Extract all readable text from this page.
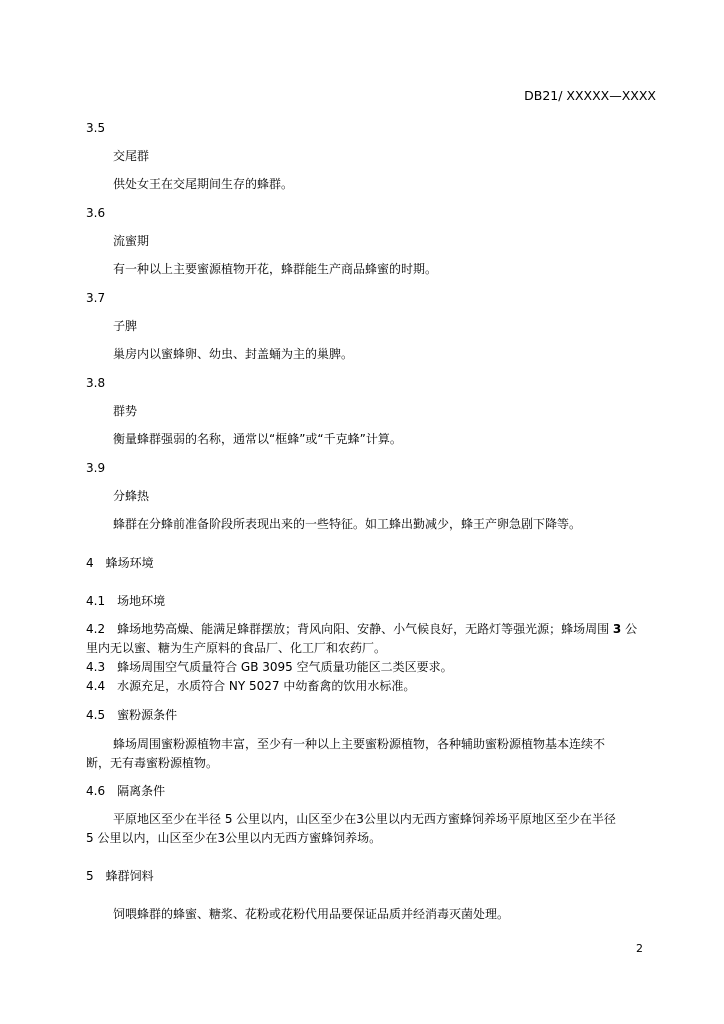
DB21/ XXXXX—XXXX
3.5
交尾群
供处女王在交尾期间生存的蜂群。
3.6
流蜜期
有一种以上主要蜜源植物开花，蜂群能生产商品蜂蜜的时期。
3.7
子脾
巢房内以蜜蜂卵、幼虫、封盖蛹为主的巢脾。
3.8
群势
衡量蜂群强弱的名称，通常以“框蜂”或“千克蜂”计算。
3.9
分蜂热
蜂群在分蜂前准备阶段所表现出来的一些特征。如工蜂出勤减少，蜂王产卵急剧下降等。
4　蜂场环境
4.1　场地环境
4.2　蜂场地势高燥、能满足蜂群摆放；背风向阳、安静、小气候良好，无路灯等强光源；蜂场周围 3 公
里内无以蜜、糖为生产原料的食品厂、化工厂和农药厂。
4.3　蜂场周围空气质量符合 GB 3095 空气质量功能区二类区要求。
4.4　水源充足，水质符合 NY 5027 中幼畜禽的饮用水标准。
4.5　蜜粉源条件
蜂场周围蜜粉源植物丰富，至少有一种以上主要蜜粉源植物，各种辅助蜜粉源植物基本连续不
断，无有毒蜜粉源植物。
4.6　隔离条件
平原地区至少在半径 5 公里以内，山区至少在3公里以内无西方蜜蜂饲养场平原地区至少在半径
5 公里以内，山区至少在3公里以内无西方蜜蜂饲养场。
5　蜂群饲料
饲喂蜂群的蜂蜜、糖浆、花粉或花粉代用品要保证品质并经消毒灭菌处理。
2
